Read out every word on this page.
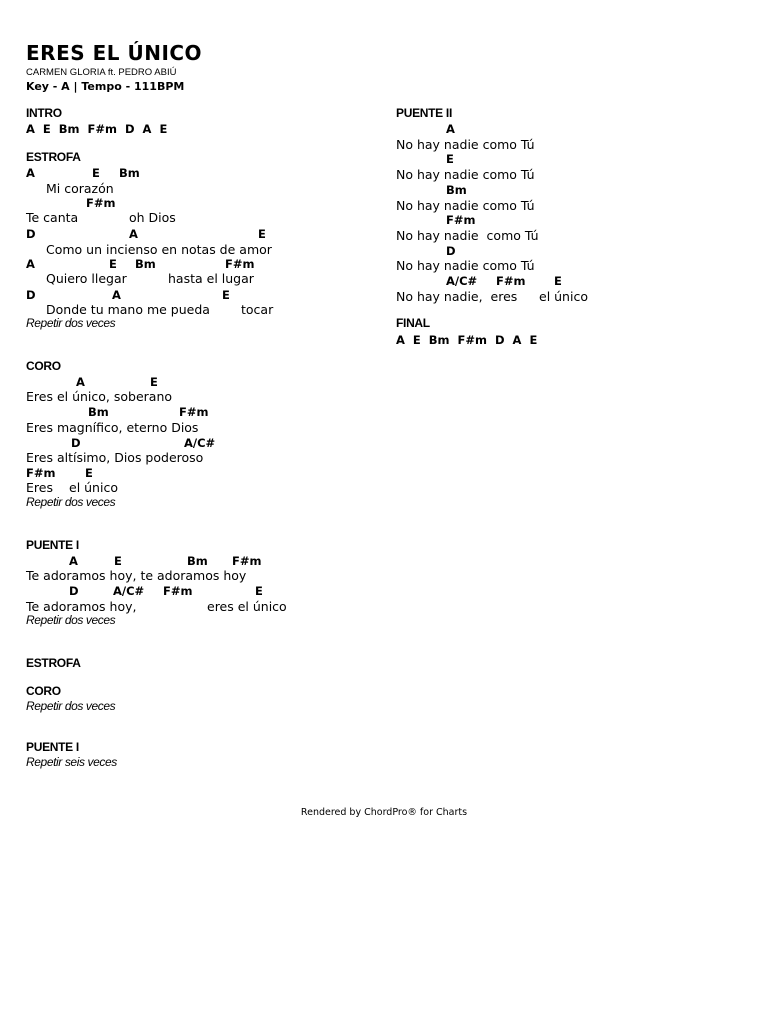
ERES EL ÚNICO
CARMEN GLORIA ft. PEDRO ABIÚ
Key - A | Tempo - 111BPM
INTRO
A  E  Bm  F#m  D  A  E
ESTROFA
A	E Bm
Mi corazón
F#m
Te canta	oh Dios
D	A	E
Como un incienso en notas de amor
A	E Bm	F#m
Quiero llegar	hasta el lugar
D	A	E
Donde tu mano me pueda tocar
Repetir dos veces
CORO
A	E
Eres el único, soberano
Bm	F#m
Eres magnífico, eterno Dios
D	A/C#
Eres altísimo, Dios poderoso
F#m	E
Eres el único
Repetir dos veces
PUENTE I
A	E	Bm F#m
Te adoramos hoy, te adoramos hoy
D	A/C# F#m	E
Te adoramos hoy,	eres el único
Repetir dos veces
ESTROFA
CORO
Repetir dos veces
PUENTE I
Repetir seis veces
PUENTE II
A
No hay nadie como Tú
E
No hay nadie como Tú
Bm
No hay nadie como Tú
F#m
No hay nadie  como Tú
D
No hay nadie como Tú
A/C# F#m E
No hay nadie,  eres el único
FINAL
A  E  Bm  F#m  D  A  E
Rendered by ChordPro® for Charts
